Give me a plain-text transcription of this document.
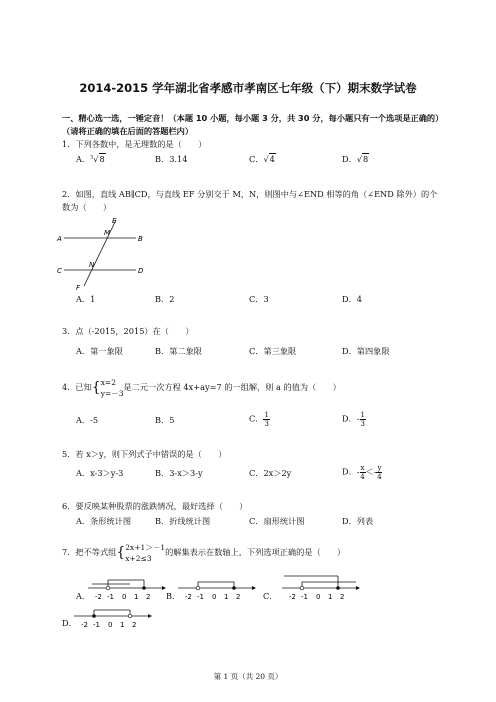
2014-2015 学年湖北省孝感市孝南区七年级（下）期末数学试卷
一、精心选一选，一锤定音！（本题 10 小题，每小题 3 分，共 30 分，每小题只有一个选项是正确的）（请将正确的填在后面的答题栏内）
1．下列各数中，是无理数的是（　　）
A．$^3$√8	B．3.14	C．√4	D．√8
2．如图，直线 AB∥CD，与直线 EF 分别交于 M，N，则图中与∠END 相等的角（∠END 除外）的个数为（　　）
E
M
A	B
N
C	D
F
A．1	B．2	C．3	D．4
3．点（-2015，2015）在（　　）
A．第一象限	B．第二象限	C．第三象限	D．第四象限
4．已知{ x=2
y=－3
是二元一次方程 4x+ay=7 的一组解，则 a 的值为（　　）
A．-5	B．5	C． $\frac{1}{3}$	D．- $\frac{1}{3}$
5．若 x＞y，则下列式子中错误的是（　　）
A．x-3＞y-3	B．3-x＞3-y	C．2x＞2y	D．- $\frac{x}{4} <- \frac{y}{4}$
6．要反映某种股票的涨跌情况，最好选择（　　）
A．条形统计图	B．折线统计图	C．扇形统计图	D．列表
7．把不等式组{ 2x+1＞－1
x+2≤3
的解集表示在数轴上，下列选项正确的是（　　）
A． -2 -1 0 1 2 B． -2 -1 0 1 2	C． -2 -1 0 1 2
D． -2 -1 0 1 2
第 1 页（共 20 页）
